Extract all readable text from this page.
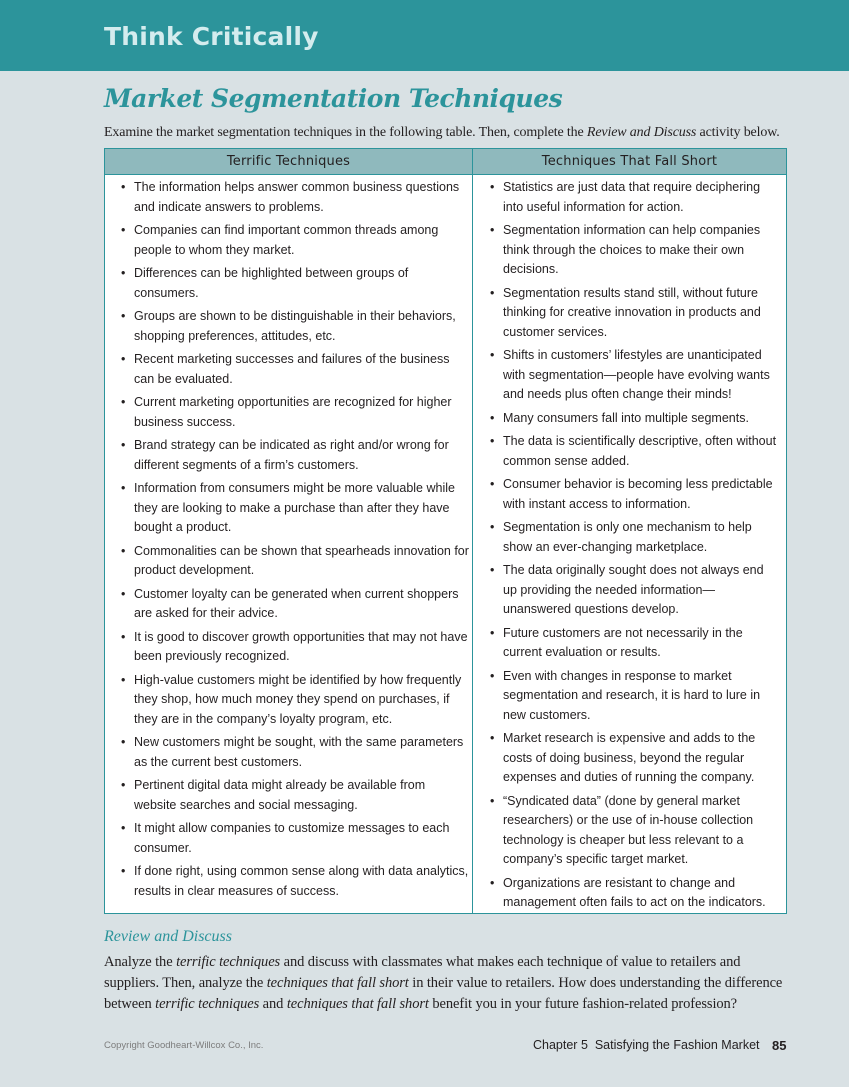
Think Critically
Market Segmentation Techniques
Examine the market segmentation techniques in the following table. Then, complete the Review and Discuss activity below.
Terrific Techniques	Techniques That Fall Short
• The information helps answer common business questions and indicate answers to problems.
• Companies can find important common threads among people to whom they market.
• Differences can be highlighted between groups of consumers.
• Groups are shown to be distinguishable in their behaviors, shopping preferences, attitudes, etc.
• Recent marketing successes and failures of the business can be evaluated.
• Current marketing opportunities are recognized for higher business success.
• Brand strategy can be indicated as right and/or wrong for different segments of a firm’s customers.
• Information from consumers might be more valuable while they are looking to make a purchase than after they have bought a product.
• Commonalities can be shown that spearheads innovation for product development.
• Customer loyalty can be generated when current shoppers are asked for their advice.
• It is good to discover growth opportunities that may not have been previously recognized.
• High-value customers might be identified by how frequently they shop, how much money they spend on purchases, if they are in the company’s loyalty program, etc.
• New customers might be sought, with the same parameters as the current best customers.
• Pertinent digital data might already be available from website searches and social messaging.
• It might allow companies to customize messages to each consumer.
• If done right, using common sense along with data analytics, results in clear measures of success.
• Statistics are just data that require deciphering into useful information for action.
• Segmentation information can help companies think through the choices to make their own decisions.
• Segmentation results stand still, without future thinking for creative innovation in products and customer services.
• Shifts in customers’ lifestyles are unanticipated with segmentation—people have evolving wants and needs plus often change their minds!
• Many consumers fall into multiple segments.
• The data is scientifically descriptive, often without common sense added.
• Consumer behavior is becoming less predictable with instant access to information.
• Segmentation is only one mechanism to help show an ever-changing marketplace.
• The data originally sought does not always end up providing the needed information—unanswered questions develop.
• Future customers are not necessarily in the current evaluation or results.
• Even with changes in response to market segmentation and research, it is hard to lure in new customers.
• Market research is expensive and adds to the costs of doing business, beyond the regular expenses and duties of running the company.
• “Syndicated data” (done by general market researchers) or the use of in-house collection technology is cheaper but less relevant to a company’s specific target market.
• Organizations are resistant to change and management often fails to act on the indicators.
Review and Discuss
Analyze the terrific techniques and discuss with classmates what makes each technique of value to retailers and suppliers. Then, analyze the techniques that fall short in their value to retailers. How does understanding the difference between terrific techniques and techniques that fall short benefit you in your future fashion-related profession?
Copyright Goodheart-Willcox Co., Inc.	Chapter 5  Satisfying the Fashion Market 85
